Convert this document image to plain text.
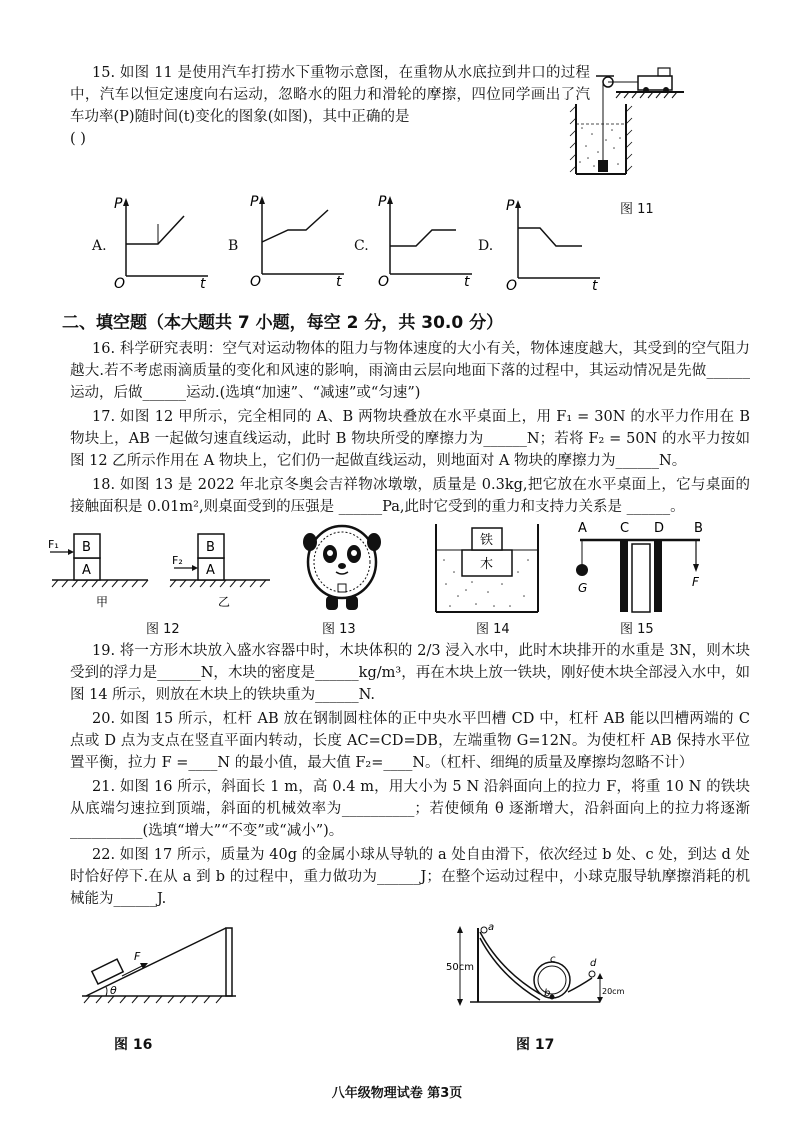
15. 如图 11 是使用汽车打捞水下重物示意图，在重物从水底拉到井口的过程中，汽车以恒定速度向右运动，忽略水的阻力和滑轮的摩擦，四位同学画出了汽车功率(P)随时间(t)变化的图象(如图)，其中正确的是

( )

图 11
A.
P
O	t
B
P
O	t
C.
P
O	t
D.
P
O	t
二、填空题（本大题共 7 小题，每空 2 分，共 30.0 分）

16. 科学研究表明：空气对运动物体的阻力与物体速度的大小有关，物体速度越大，其受到的空气阻力越大.若不考虑雨滴质量的变化和风速的影响，雨滴由云层向地面下落的过程中，其运动情况是先做______运动，后做______运动.(选填“加速”、“减速”或“匀速”)

17. 如图 12 甲所示，完全相同的 A、B 两物块叠放在水平桌面上，用 F₁ = 30N 的水平力作用在 B 物块上，AB 一起做匀速直线运动，此时 B 物块所受的摩擦力为______N；若将 F₂ = 50N 的水平力按如图 12 乙所示作用在 A 物块上，它们仍一起做直线运动，则地面对 A 物块的摩擦力为______N。

18. 如图 13 是 2022 年北京冬奥会吉祥物冰墩墩，质量是 0.3kg,把它放在水平桌面上，它与桌面的接触面积是 0.01m²,则桌面受到的压强是 ______Pa,此时它受到的重力和支持力关系是 ______。

A
B
F₁
甲
A
B
F₂
乙
图 12	图 13
铁
木
图 14
A	C D B
G	F
图 15

19. 将一方形木块放入盛水容器中时，木块体积的 2/3 浸入水中，此时木块排开的水重是 3N，则木块受到的浮力是______N，木块的密度是______kg/m³，再在木块上放一铁块，刚好使木块全部浸入水中，如图 14 所示，则放在木块上的铁块重为______N.

20. 如图 15 所示，杠杆 AB 放在钢制圆柱体的正中央水平凹槽 CD 中，杠杆 AB 能以凹槽两端的 C 点或 D 点为支点在竖直平面内转动，长度 AC=CD=DB，左端重物 G=12N。为使杠杆 AB 保持水平位置平衡，拉力 F =____N 的最小值，最大值 F₂=____N。（杠杆、细绳的质量及摩擦均忽略不计）

21. 如图 16 所示，斜面长 1 m，高 0.4 m，用大小为 5 N 沿斜面向上的拉力 F，将重 10 N 的铁块从底端匀速拉到顶端，斜面的机械效率为__________；若使倾角 θ 逐渐增大，沿斜面向上的拉力将逐渐__________(选填“增大”“不变”或“减小”)。

22. 如图 17 所示，质量为 40g 的金属小球从导轨的 a 处自由滑下，依次经过 b 处、c 处，到达 d 处时恰好停下.在从 a 到 b 的过程中，重力做功为______J；在整个运动过程中，小球克服导轨摩擦消耗的机械能为______J.

F
θ
图 16
50cm
a
c
b
d
20cm
图 17
八年级物理试卷 第3页
